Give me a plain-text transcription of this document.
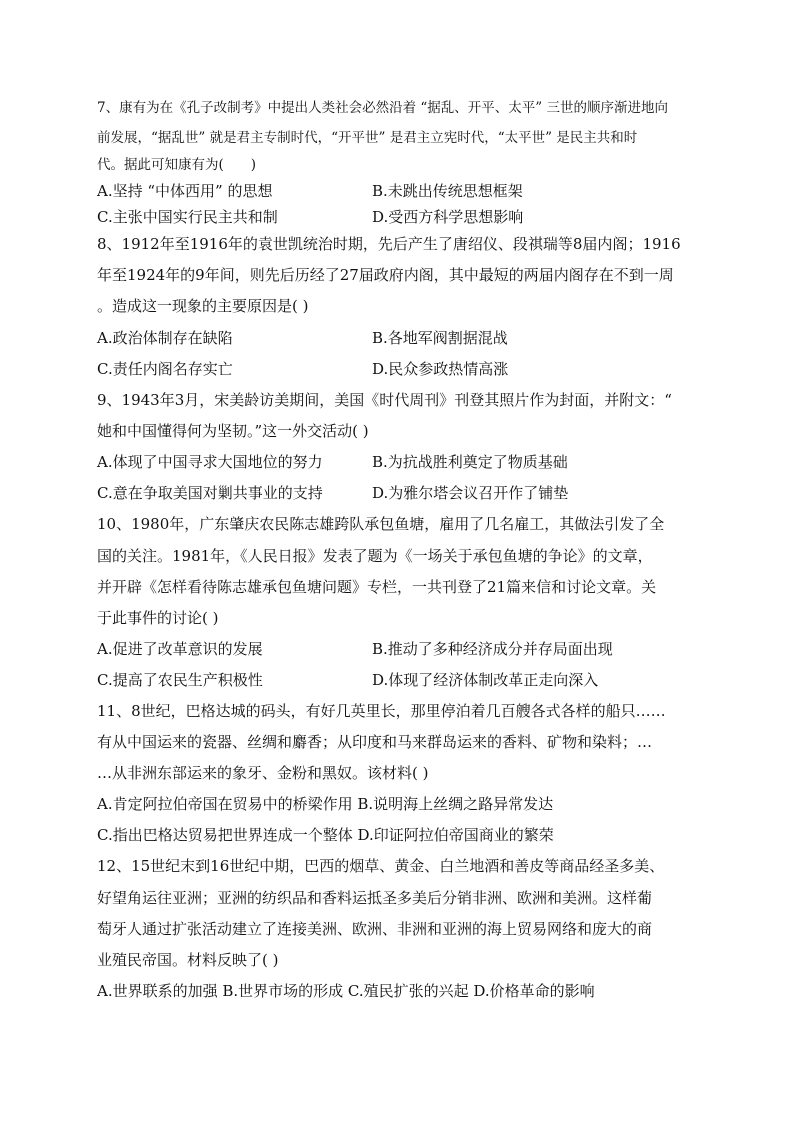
7、康有为在《孔子改制考》中提出人类社会必然沿着 “据乱、开平、太平” 三世的顺序渐进地向
前发展，“据乱世” 就是君主专制时代，“开平世” 是君主立宪时代，“太平世” 是民主共和时
代。据此可知康有为(　　)
A.坚持 “中体西用” 的思想	B.未跳出传统思想框架
C.主张中国实行民主共和制	D.受西方科学思想影响
8、1912年至1916年的袁世凯统治时期，先后产生了唐绍仪、段祺瑞等8届内阁；1916
年至1924年的9年间，则先后历经了27届政府内阁，其中最短的两届内阁存在不到一周
。造成这一现象的主要原因是( )
A.政治体制存在缺陷	B.各地军阀割据混战
C.责任内阁名存实亡	D.民众参政热情高涨
9、1943年3月，宋美龄访美期间，美国《时代周刊》刊登其照片作为封面，并附文：“
她和中国懂得何为坚韧。”这一外交活动( )
A.体现了中国寻求大国地位的努力	B.为抗战胜利奠定了物质基础
C.意在争取美国对剿共事业的支持	D.为雅尔塔会议召开作了铺垫
10、1980年，广东肇庆农民陈志雄跨队承包鱼塘，雇用了几名雇工，其做法引发了全
国的关注。1981年，《人民日报》发表了题为《一场关于承包鱼塘的争论》的文章，
并开辟《怎样看待陈志雄承包鱼塘问题》专栏，一共刊登了21篇来信和讨论文章。关
于此事件的讨论( )
A.促进了改革意识的发展	B.推动了多种经济成分并存局面出现
C.提高了农民生产积极性	D.体现了经济体制改革正走向深入
11、8世纪，巴格达城的码头，有好几英里长，那里停泊着几百艘各式各样的船只……
有从中国运来的瓷器、丝绸和麝香；从印度和马来群岛运来的香料、矿物和染料；…
…从非洲东部运来的象牙、金粉和黑奴。该材料( )
A.肯定阿拉伯帝国在贸易中的桥梁作用 B.说明海上丝绸之路异常发达
C.指出巴格达贸易把世界连成一个整体 D.印证阿拉伯帝国商业的繁荣
12、15世纪末到16世纪中期，巴西的烟草、黄金、白兰地酒和善皮等商品经圣多美、
好望角运往亚洲；亚洲的纺织品和香料运抵圣多美后分销非洲、欧洲和美洲。这样葡
萄牙人通过扩张活动建立了连接美洲、欧洲、非洲和亚洲的海上贸易网络和庞大的商
业殖民帝国。材料反映了( )
A.世界联系的加强 B.世界市场的形成 C.殖民扩张的兴起 D.价格革命的影响
